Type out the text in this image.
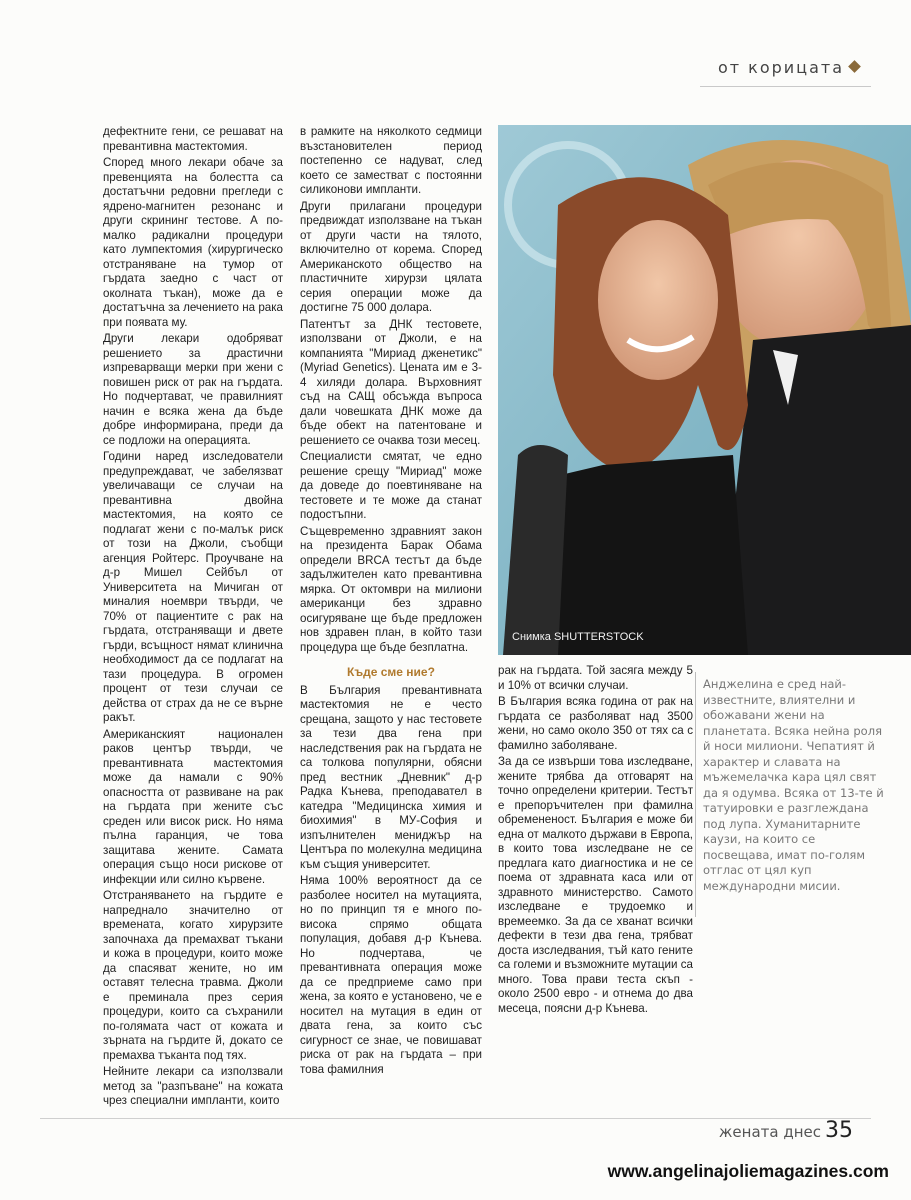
от корицата

дефектните гени, се решават на превантивна мастектомия.

Според много лекари обаче за превенцията на болестта са достатъчни редовни прегледи с ядрено-магнитен резонанс и други скрининг тестове. А по-малко радикални процедури като лумпектомия (хирургическо отстраняване на тумор от гърдата заедно с част от околната тъкан), може да е достатъчна за лечението на рака при появата му.

Други лекари одобряват решението за драстични изпреварващи мерки при жени с повишен риск от рак на гърдата. Но подчертават, че правилният начин е всяка жена да бъде добре информирана, преди да се подложи на операцията.

Години наред изследователи предупреждават, че забелязват увеличаващи се случаи на превантивна двойна мастектомия, на която се подлагат жени с по-малък риск от този на Джоли, съобщи агенция Ройтерс. Проучване на д-р Мишел Сейбъл от Университета на Мичиган от миналия ноември твърди, че 70% от пациентите с рак на гърдата, отстраняващи и двете гърди, всъщност нямат клинична необходимост да се подлагат на тази процедура. В огромен процент от тези случаи се действа от страх да не се върне ракът.

Американският национален раков център твърди, че превантивната мастектомия може да намали с 90% опасността от развиване на рак на гърдата при жените със среден или висок риск. Но няма пълна гаранция, че това защитава жените. Самата операция също носи рискове от инфекции или силно кървене.

Отстраняването на гърдите е напреднало значително от времената, когато хирурзите започнаха да премахват тъкани и кожа в процедури, които може да спасяват жените, но им оставят телесна травма. Джоли е преминала през серия процедури, които са съхранили по-голямата част от кожата и зърната на гърдите й, докато се премахва тъканта под тях.

Нейните лекари са използвали метод за "разпъване" на кожата чрез специални импланти, които

в рамките на няколкото седмици възстановителен период постепенно се надуват, след което се заместват с постоянни силиконови импланти.

Други прилагани процедури предвиждат използване на тъкан от други части на тялото, включително от корема. Според Американското общество на пластичните хирурзи цялата серия операции може да достигне 75 000 долара.

Патентът за ДНК тестовете, използвани от Джоли, е на компанията "Мириад дженетикс" (Myriad Genetics). Цената им е 3-4 хиляди долара. Върховният съд на САЩ обсъжда въпроса дали човешката ДНК може да бъде обект на патентоване и решението се очаква този месец.

Специалисти смятат, че едно решение срещу "Мириад" може да доведе до поевтиняване на тестовете и те може да станат подостъпни.

Същевременно здравният закон на президента Барак Обама определи BRCA тестът да бъде задължителен като превантивна мярка. От октомври на милиони американци без здравно осигуряване ще бъде предложен нов здравен план, в който тази процедура ще бъде безплатна.

Къде сме ние?

В България превантивната мастектомия не е често срещана, защото у нас тестовете за тези два гена при наследствения рак на гърдата не са толкова популярни, обясни пред вестник „Дневник" д-р Радка Кънева, преподавател в катедра "Медицинска химия и биохимия" в МУ-София и изпълнителен мениджър на Центъра по молекулна медицина към същия университет.

Няма 100% вероятност да се разболее носител на мутацията, но по принцип тя е много по-висока спрямо общата популация, добавя д-р Кънева. Но подчертава, че превантивната операция може да се предприеме само при жена, за която е установено, че е носител на мутация в един от двата гена, за които със сигурност се знае, че повишават риска от рак на гърдата – при това фамилния

Снимка SHUTTERSTOCK

рак на гърдата. Той засяга между 5 и 10% от всички случаи.

В България всяка година от рак на гърдата се разболяват над 3500 жени, но само около 350 от тях са с фамилно заболяване.

За да се извърши това изследване, жените трябва да отговарят на точно определени критерии. Тестът е препоръчителен при фамилна обремененост. България е може би една от малкото държави в Европа, в които това изследване не се предлага като диагностика и не се поема от здравната каса или от здравното министерство. Самото изследване е трудоемко и времеемко. За да се хванат всички дефекти в тези два гена, трябват доста изследвания, тъй като гените са големи и възможните мутации са много. Това прави теста скъп - около 2500 евро - и отнема до два месеца, поясни д-р Кънева.

Анджелина е сред най-известните, влиятелни и обожавани жени на планетата. Всяка нейна роля й носи милиони. Чепатият й характер и славата на мъжемелачка кара цял свят да я одумва. Всяка от 13-те й татуировки е разглеждана под лупа. Хуманитарните каузи, на които се посвещава, имат по-голям отглас от цял куп международни мисии.
жената днес 35
www.angelinajoliemagazines.com
